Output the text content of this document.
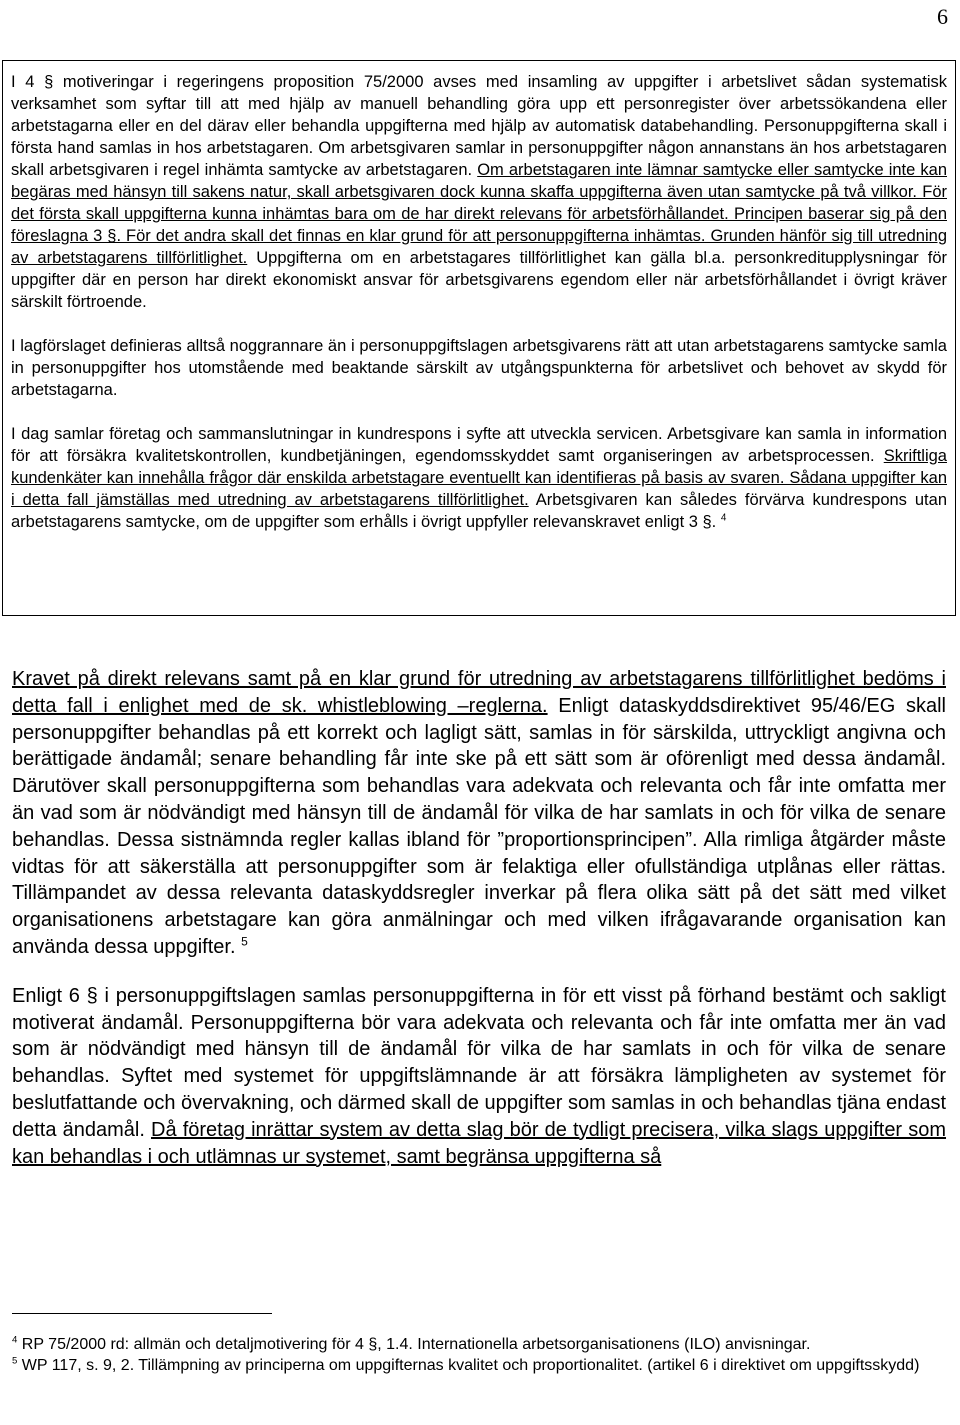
6

I 4 § motiveringar i regeringens proposition 75/2000 avses med insamling av uppgifter i arbetslivet sådan systematisk verksamhet som syftar till att med hjälp av manuell behandling göra upp ett personregister över arbetssökandena eller arbetstagarna eller en del därav eller behandla uppgifterna med hjälp av automatisk databehandling. Personuppgifterna skall i första hand samlas in hos arbetstagaren. Om arbetsgivaren samlar in personuppgifter någon annanstans än hos arbetstagaren skall arbetsgivaren i regel inhämta samtycke av arbetstagaren. Om arbetstagaren inte lämnar samtycke eller samtycke inte kan begäras med hänsyn till sakens natur, skall arbetsgivaren dock kunna skaffa uppgifterna även utan samtycke på två villkor. För det första skall uppgifterna kunna inhämtas bara om de har direkt relevans för arbetsförhållandet. Principen baserar sig på den föreslagna 3 §. För det andra skall det finnas en klar grund för att personuppgifterna inhämtas. Grunden hänför sig till utredning av arbetstagarens tillförlitlighet. Uppgifterna om en arbetstagares tillförlitlighet kan gälla bl.a. personkreditupplysningar för uppgifter där en person har direkt ekonomiskt ansvar för arbetsgivarens egendom eller när arbetsförhållandet i övrigt kräver särskilt förtroende.

I lagförslaget definieras alltså noggrannare än i personuppgiftslagen arbetsgivarens rätt att utan arbetstagarens samtycke samla in personuppgifter hos utomstående med beaktande särskilt av utgångspunkterna för arbetslivet och behovet av skydd för arbetstagarna.

I dag samlar företag och sammanslutningar in kundrespons i syfte att utveckla servicen. Arbetsgivare kan samla in information för att försäkra kvalitetskontrollen, kundbetjäningen, egendomsskyddet samt organiseringen av arbetsprocessen. Skriftliga kundenkäter kan innehålla frågor där enskilda arbetstagare eventuellt kan identifieras på basis av svaren. Sådana uppgifter kan i detta fall jämställas med utredning av arbetstagarens tillförlitlighet. Arbetsgivaren kan således förvärva kundrespons utan arbetstagarens samtycke, om de uppgifter som erhålls i övrigt uppfyller relevanskravet enligt 3 §. $^4$

Kravet på direkt relevans samt på en klar grund för utredning av arbetstagarens tillförlitlighet bedöms i detta fall i enlighet med de sk. whistleblowing –reglerna. Enligt dataskyddsdirektivet 95/46/EG skall personuppgifter behandlas på ett korrekt och lagligt sätt, samlas in för särskilda, uttryckligt angivna och berättigade ändamål; senare behandling får inte ske på ett sätt som är oförenligt med dessa ändamål. Därutöver skall personuppgifterna som behandlas vara adekvata och relevanta och får inte omfatta mer än vad som är nödvändigt med hänsyn till de ändamål för vilka de har samlats in och för vilka de senare behandlas. Dessa sistnämnda regler kallas ibland för ”proportionsprincipen”. Alla rimliga åtgärder måste vidtas för att säkerställa att personuppgifter som är felaktiga eller ofullständiga utplånas eller rättas. Tillämpandet av dessa relevanta dataskyddsregler inverkar på flera olika sätt på det sätt med vilket organisationens arbetstagare kan göra anmälningar och med vilken ifrågavarande organisation kan använda dessa uppgifter. $^5$

Enligt 6 § i personuppgiftslagen samlas personuppgifterna in för ett visst på förhand bestämt och sakligt motiverat ändamål. Personuppgifterna bör vara adekvata och relevanta och får inte omfatta mer än vad som är nödvändigt med hänsyn till de ändamål för vilka de har samlats in och för vilka de senare behandlas. Syftet med systemet för uppgiftslämnande är att försäkra lämpligheten av systemet för beslutfattande och övervakning, och därmed skall de uppgifter som samlas in och behandlas tjäna endast detta ändamål. Då företag inrättar system av detta slag bör de tydligt precisera, vilka slags uppgifter som kan behandlas i och utlämnas ur systemet, samt begränsa uppgifterna så

$^4$ RP 75/2000 rd: allmän och detaljmotivering för 4 §, 1.4. Internationella arbetsorganisationens (ILO) anvisningar.

$^5$ WP 117, s. 9, 2. Tillämpning av principerna om uppgifternas kvalitet och proportionalitet. (artikel 6 i direktivet om uppgiftsskydd)
